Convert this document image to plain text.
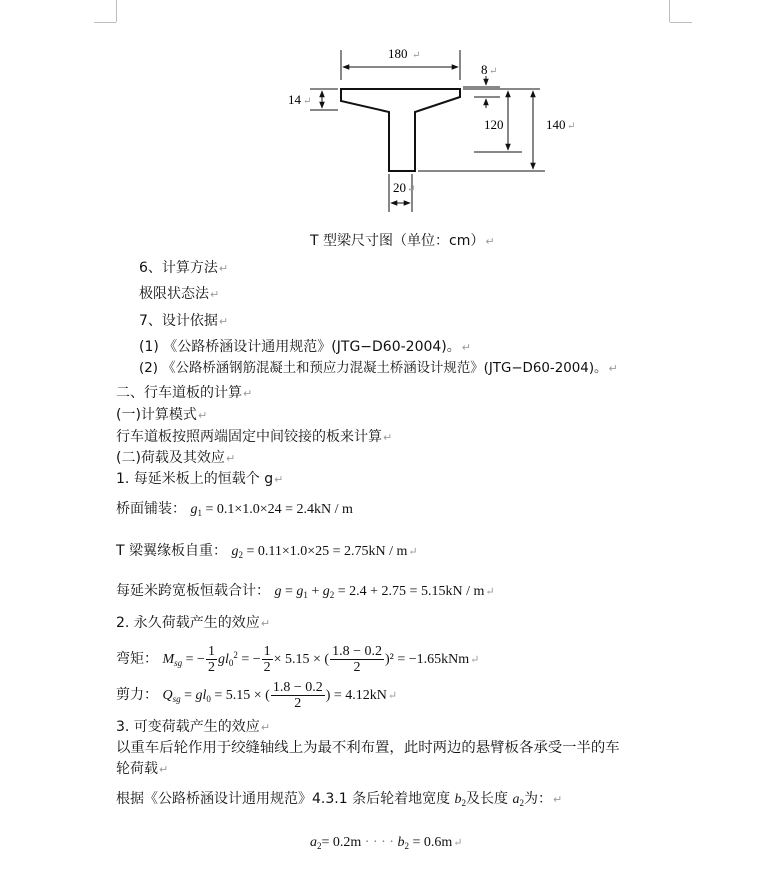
180 ↵
14 ↵
8 ↵
120	140 ↵
20 ↵
T 型梁尺寸图（单位：cm）↵
6、计算方法↵
极限状态法↵
7、设计依据↵
(1) 《公路桥涵设计通用规范》(JTG−D60-2004)。↵
(2) 《公路桥涵钢筋混凝土和预应力混凝土桥涵设计规范》(JTG−D60-2004)。↵
二、行车道板的计算↵
(一)计算模式↵
行车道板按照两端固定中间铰接的板来计算↵
(二)荷载及其效应↵
1. 每延米板上的恒载个 g↵
桥面铺装： $g_1 = 0.1\times 1.0\times 24 = 2.4kN / m$
T 梁翼缘板自重： $g_2 = 0.11\times 1.0\times 25 = 2.75kN$ / m↵
每延米跨宽板恒载合计： $g = g_1 + g_2 = 2.4 + 2.75 = 5.15kN$ / m↵
2. 永久荷载产生的效应↵
弯矩： $M_{sg}$ = − $\frac{1}{2} gl_0^2$ = − $\frac{1}{2} \times 5.15$ × ( $\frac{1.8 - 0.2}{2} )^2$ = −1.65kNm↵
剪力： $Q_{sg} = gl_0 = 5.15$ × ( $\frac{1.8 - 0.2}{2}$ ) = 4.12kN↵
3. 可变荷载产生的效应↵
以重车后轮作用于绞缝轴线上为最不利布置，此时两边的悬臂板各承受一半的车
轮荷载↵
根据《公路桥涵设计通用规范》4.3.1 条后轮着地宽度 $b_2$及长度 $a_2$为：↵
$a_2= 0.2m$ · · · · $b_2$ = 0.6m↵
